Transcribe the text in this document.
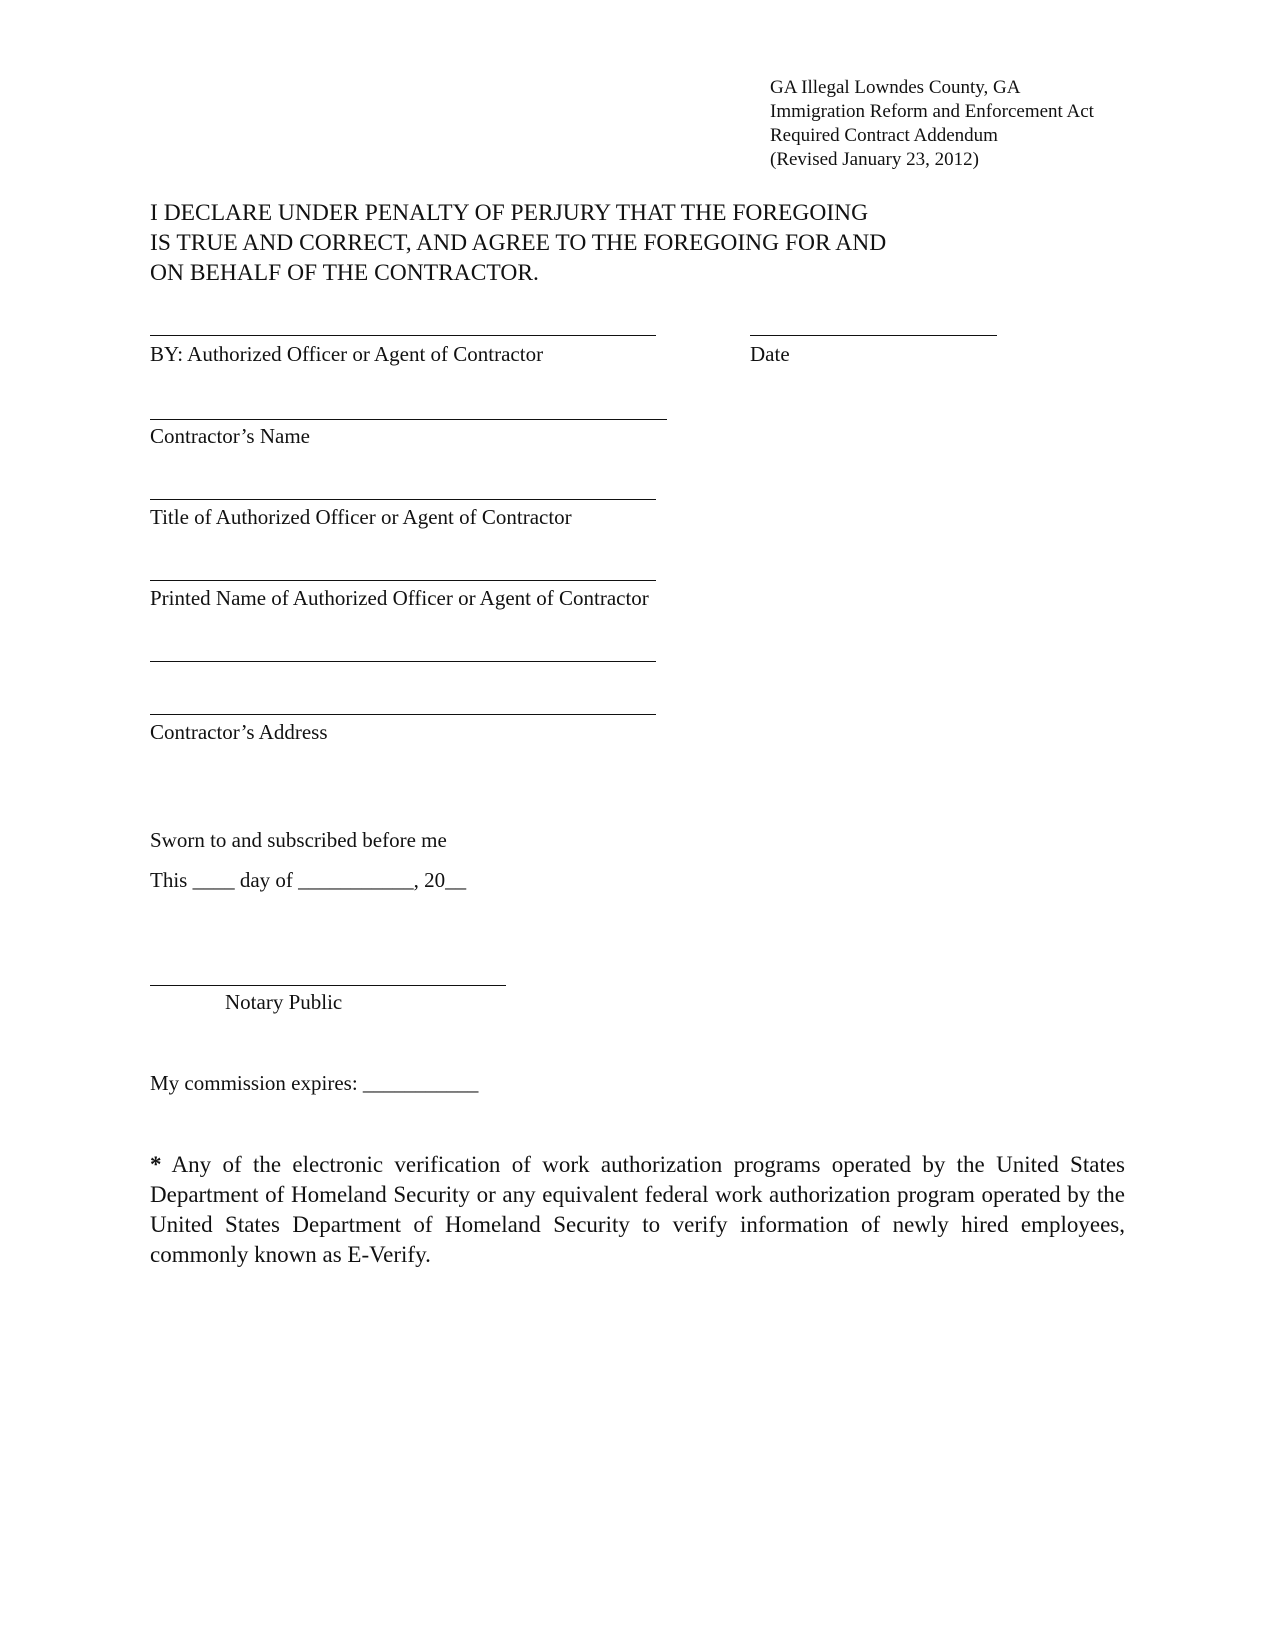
GA Illegal Lowndes County, GA
Immigration Reform and Enforcement Act
Required Contract Addendum
(Revised January 23, 2012)
I DECLARE UNDER PENALTY OF PERJURY THAT THE FOREGOING
IS TRUE AND CORRECT, AND AGREE TO THE FOREGOING FOR AND
ON BEHALF OF THE CONTRACTOR.
BY: Authorized Officer or Agent of Contractor	Date
Contractor’s Name
Title of Authorized Officer or Agent of Contractor
Printed Name of Authorized Officer or Agent of Contractor
Contractor’s Address
Sworn to and subscribed before me
This ____ day of ___________, 20__
Notary Public
My commission expires: ___________
* Any of the electronic verification of work authorization programs operated by the United States Department of Homeland Security or any equivalent federal work authorization program operated by the United States Department of Homeland Security to verify information of newly hired employees, commonly known as E-Verify.
